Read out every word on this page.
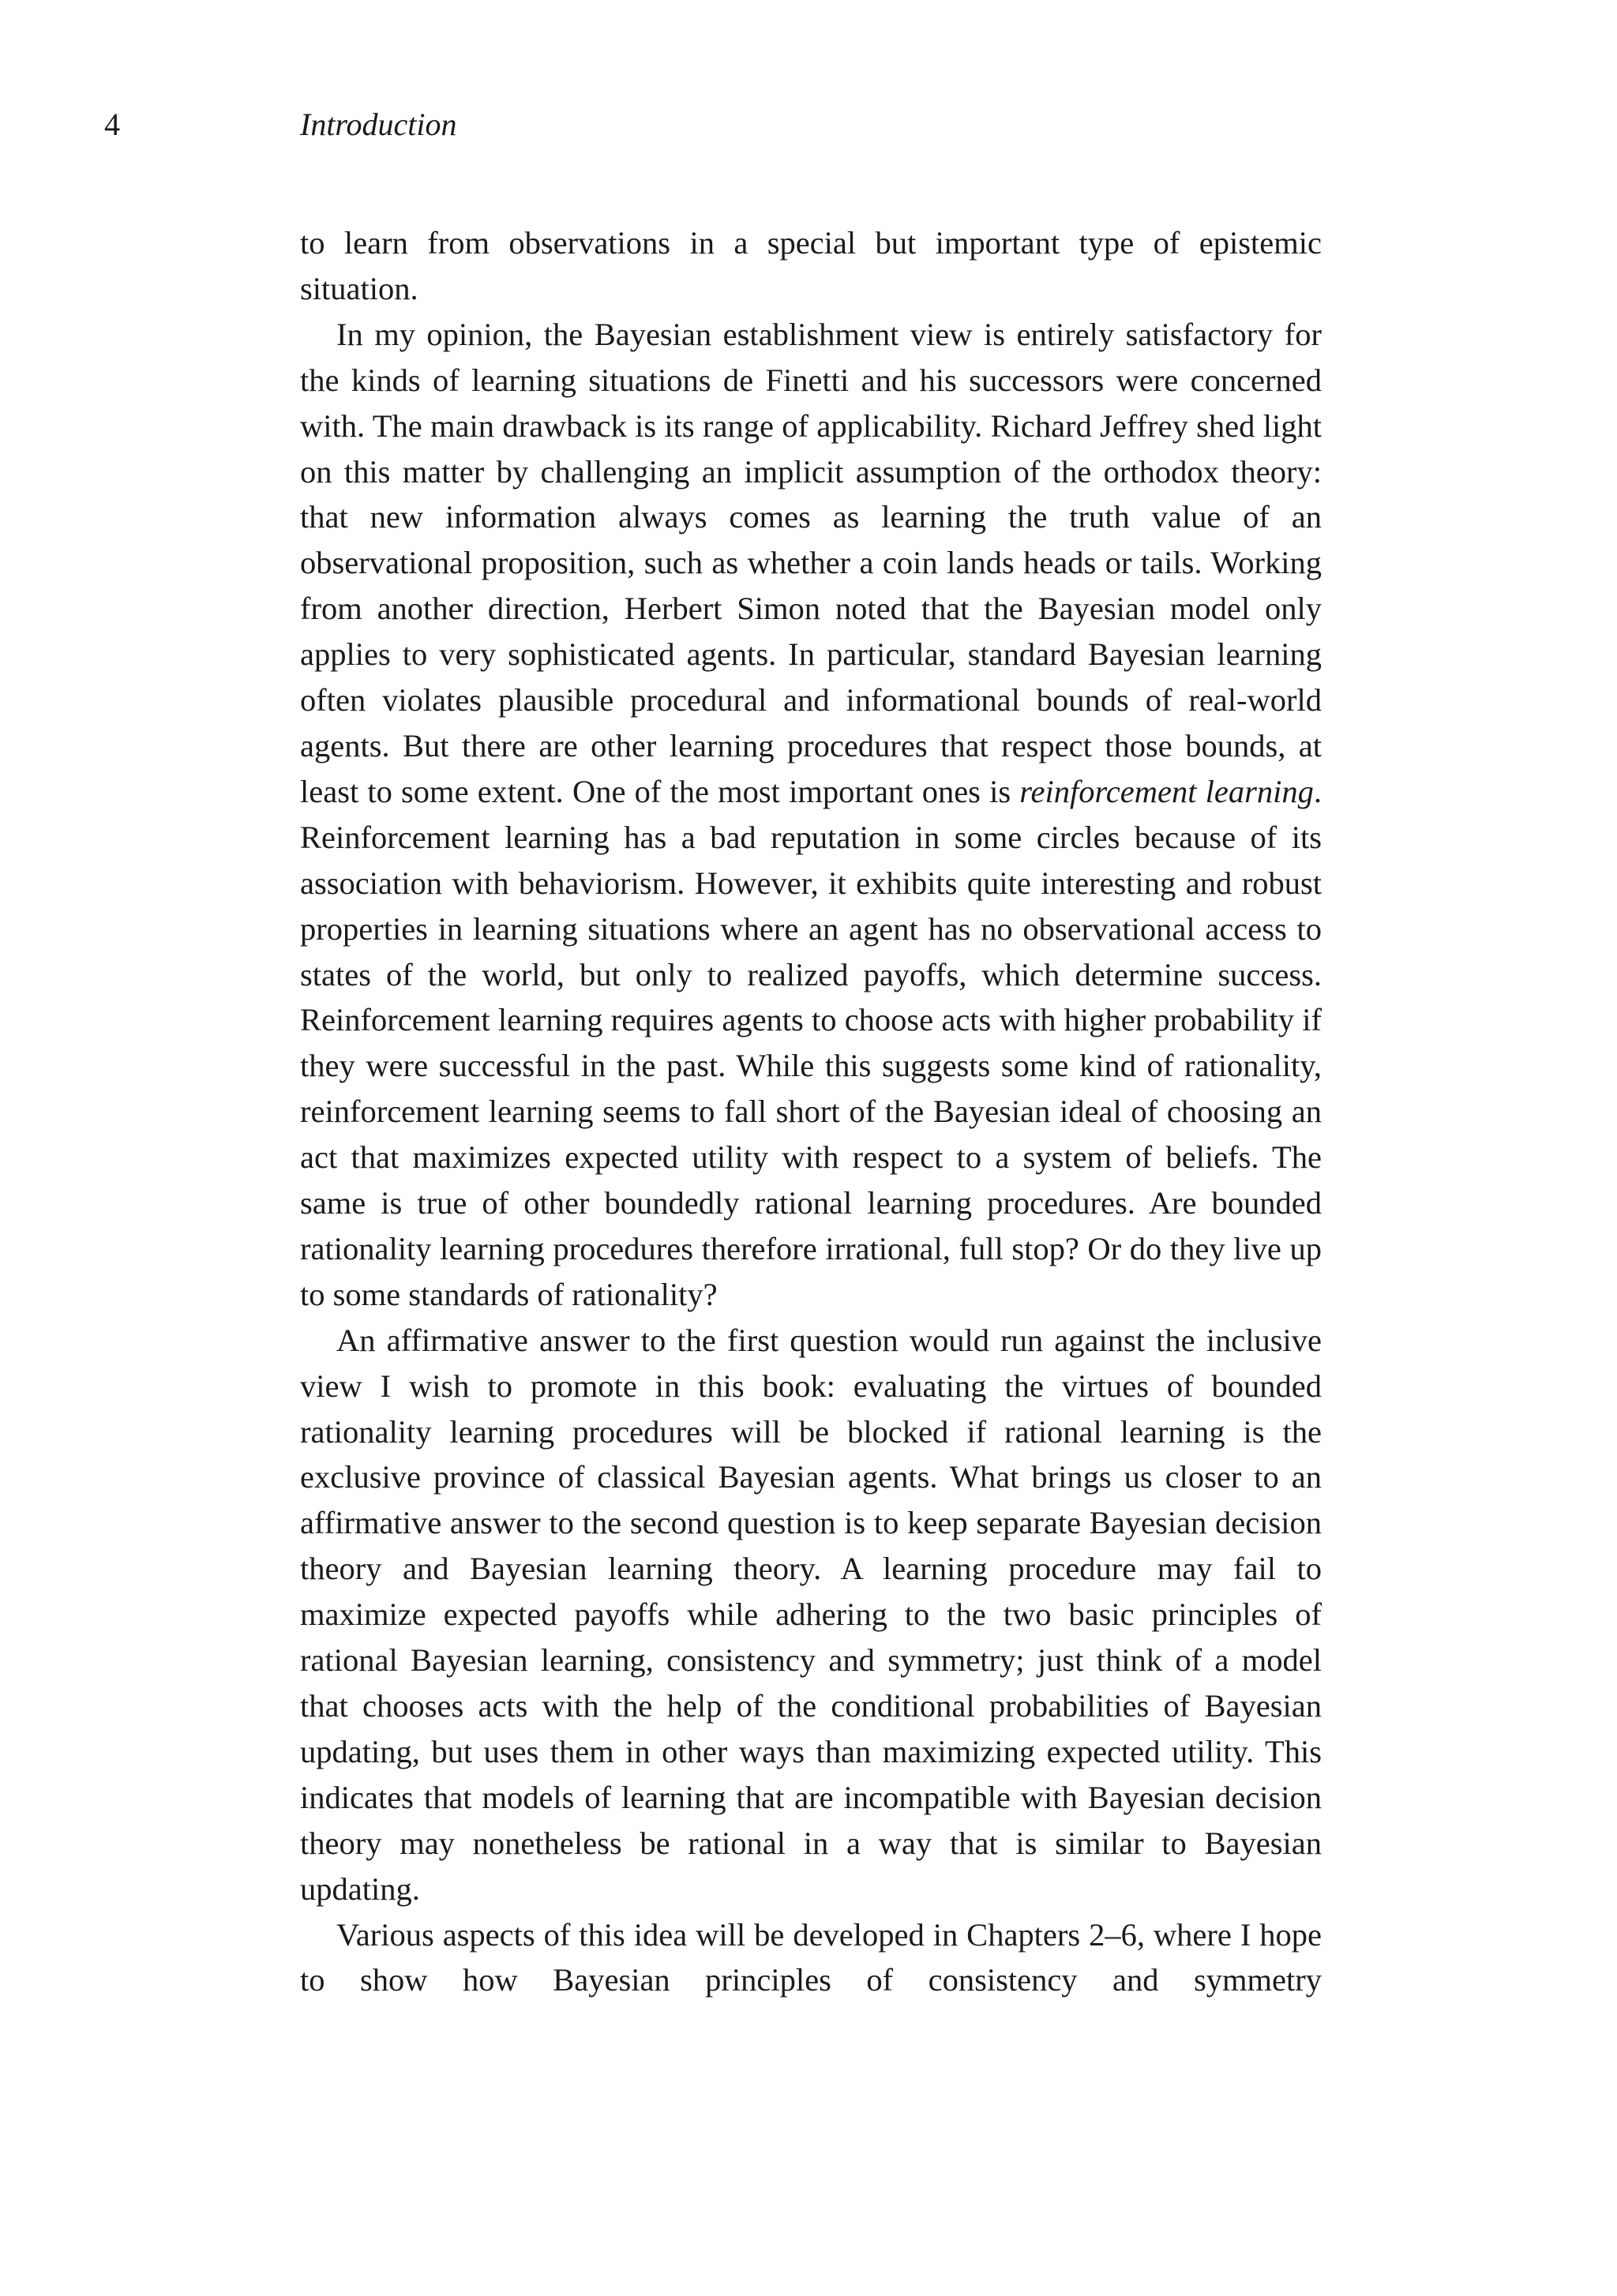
4	Introduction

to learn from observations in a special but important type of epistemic situation.

In my opinion, the Bayesian establishment view is entirely satisfactory for the kinds of learning situations de Finetti and his successors were concerned with. The main drawback is its range of applicability. Richard Jeffrey shed light on this matter by challenging an implicit assumption of the orthodox theory: that new information always comes as learning the truth value of an observational proposition, such as whether a coin lands heads or tails. Working from another direction, Herbert Simon noted that the Bayesian model only applies to very sophisticated agents. In particular, standard Bayesian learning often violates plausible procedural and informational bounds of real-world agents. But there are other learning procedures that respect those bounds, at least to some extent. One of the most important ones is reinforcement learning. Reinforcement learning has a bad reputation in some circles because of its association with behaviorism. However, it exhibits quite interesting and robust properties in learning situations where an agent has no observational access to states of the world, but only to realized payoffs, which determine success. Reinforcement learning requires agents to choose acts with higher probability if they were successful in the past. While this suggests some kind of rationality, reinforcement learning seems to fall short of the Bayesian ideal of choosing an act that maximizes expected utility with respect to a system of beliefs. The same is true of other boundedly rational learning procedures. Are bounded rationality learning procedures therefore irrational, full stop? Or do they live up to some standards of rationality?

An affirmative answer to the first question would run against the inclusive view I wish to promote in this book: evaluating the virtues of bounded rationality learning procedures will be blocked if rational learning is the exclusive province of classical Bayesian agents. What brings us closer to an affirmative answer to the second question is to keep separate Bayesian decision theory and Bayesian learning theory. A learning procedure may fail to maximize expected payoffs while adhering to the two basic principles of rational Bayesian learning, consistency and symmetry; just think of a model that chooses acts with the help of the conditional probabilities of Bayesian updating, but uses them in other ways than maximizing expected utility. This indicates that models of learning that are incompatible with Bayesian decision theory may nonetheless be rational in a way that is similar to Bayesian updating.

Various aspects of this idea will be developed in Chapters 2–6, where I hope to show how Bayesian principles of consistency and symmetry
